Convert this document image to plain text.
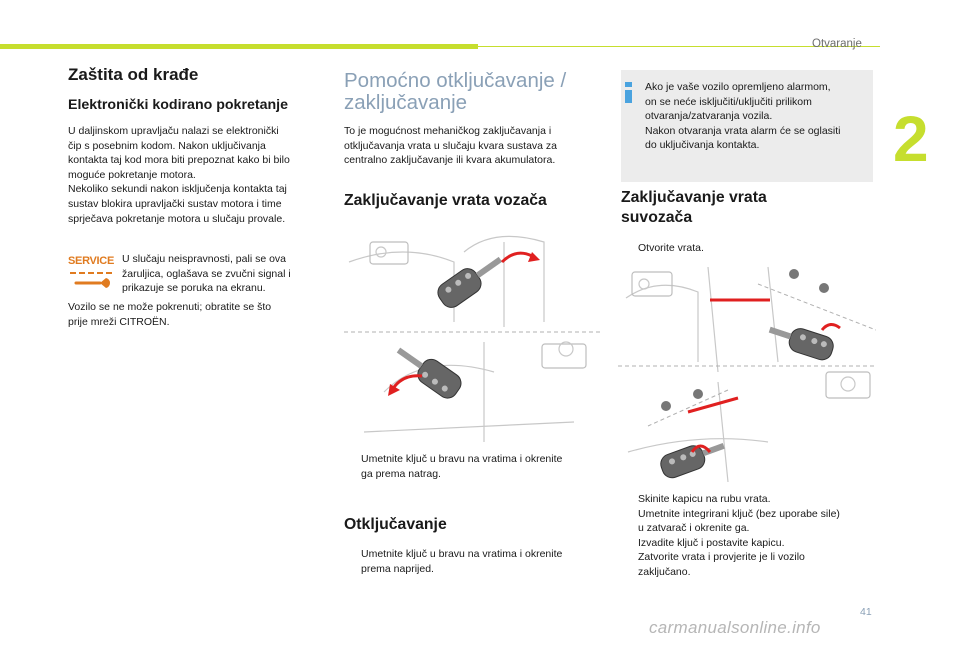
Otvaranje
2
Zaštita od krađe
Elektronički kodirano pokretanje

U daljinskom upravljaču nalazi se elektronički
čip s posebnim kodom. Nakon uključivanja
kontakta taj kod mora biti prepoznat kako bi bilo
moguće pokretanje motora.
Nekoliko sekundi nakon isključenja kontakta taj
sustav blokira upravljački sustav motora i time
sprječava pokretanje motora u slučaju provale.

SERVICE U slučaju neispravnosti, pali se ova
žaruljica, oglašava se zvučni signal i
prikazuje se poruka na ekranu.

Vozilo se ne može pokrenuti; obratite se što
prije mreži CITROËN.

Pomoćno otključavanje /
zaključavanje

To je mogućnost mehaničkog zaključavanja i
otključavanja vrata u slučaju kvara sustava za
centralno zaključavanje ili kvara akumulatora.

Zaključavanje vrata vozača
Umetnite ključ u bravu na vratima i okrenite
ga prema natrag.
Otključavanje
Umetnite ključ u bravu na vratima i okrenite
prema naprijed.
Ako je vaše vozilo opremljeno alarmom,
on se neće isključiti/uključiti prilikom
otvaranja/zatvaranja vozila.
Nakon otvaranja vrata alarm će se oglasiti
do uključivanja kontakta.
Zaključavanje vrata
suvozača
Otvorite vrata.
Skinite kapicu na rubu vrata.
Umetnite integrirani ključ (bez uporabe sile)
u zatvarač i okrenite ga.
Izvadite ključ i postavite kapicu.
Zatvorite vrata i provjerite je li vozilo
zaključano.
41
carmanualsonline.info
